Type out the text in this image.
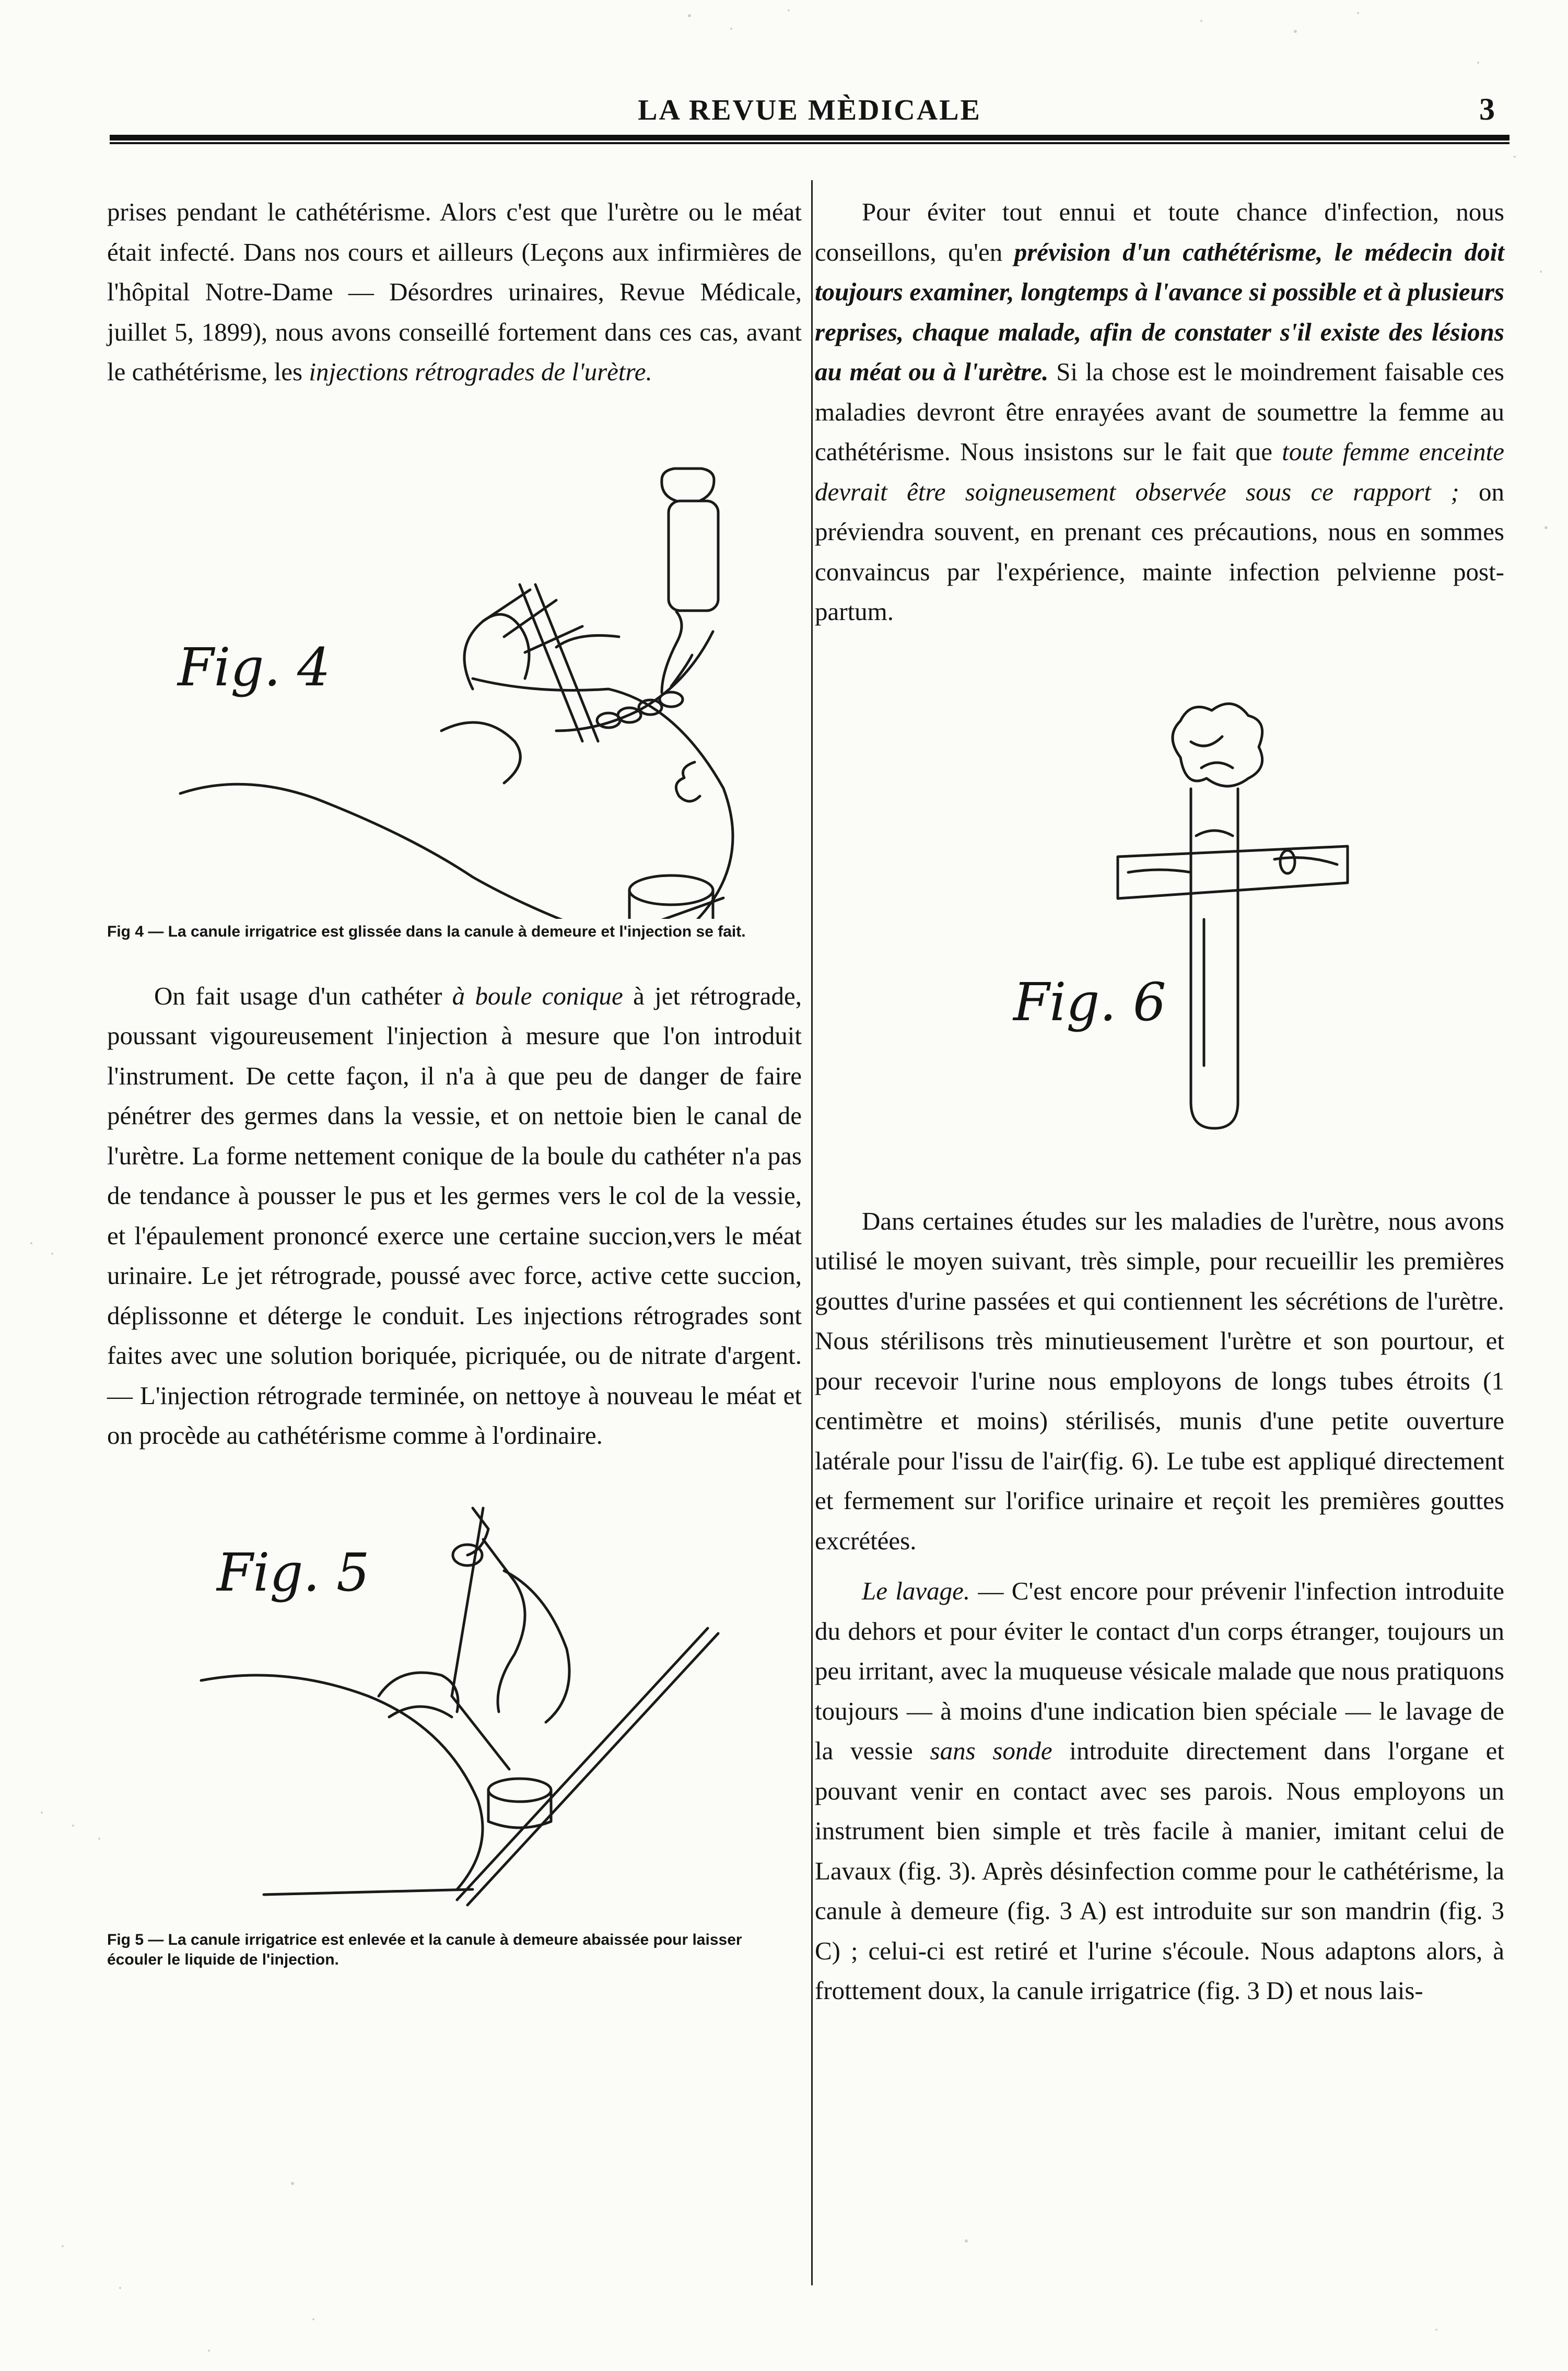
LA REVUE MÈDICALE	3

prises pendant le cathétérisme. Alors c'est que l'urètre ou le méat était infecté. Dans nos cours et ailleurs (Leçons aux infirmières de l'hôpital Notre-Dame — Désordres urinaires, Revue Médicale, juillet 5, 1899), nous avons conseillé fortement dans ces cas, avant le cathétérisme, les injections rétrogrades de l'urètre.

Fig. 4

Fig 4 — La canule irrigatrice est glissée dans la canule à demeure et l'injection se fait.

On fait usage d'un cathéter à boule conique à jet rétrograde, poussant vigoureusement l'injection à mesure que l'on introduit l'instrument. De cette façon, il n'a à que peu de danger de faire pénétrer des germes dans la vessie, et on nettoie bien le canal de l'urètre. La forme nettement conique de la boule du cathéter n'a pas de tendance à pousser le pus et les germes vers le col de la vessie, et l'épaulement prononcé exerce une certaine succion,vers le méat urinaire. Le jet rétrograde, poussé avec force, active cette succion, déplissonne et déterge le conduit. Les injections rétrogrades sont faites avec une solution boriquée, picriquée, ou de nitrate d'argent. — L'injection rétrograde terminée, on nettoye à nouveau le méat et on procède au cathétérisme comme à l'ordinaire.

Fig. 5

Fig 5 — La canule irrigatrice est enlevée et la canule à demeure abaissée pour laisser écouler le liquide de l'injection.

Pour éviter tout ennui et toute chance d'infection, nous conseillons, qu'en prévision d'un cathétérisme, le médecin doit toujours examiner, longtemps à l'avance si possible et à plusieurs reprises, chaque malade, afin de constater s'il existe des lésions au méat ou à l'urètre. Si la chose est le moindrement faisable ces maladies devront être enrayées avant de soumettre la femme au cathétérisme. Nous insistons sur le fait que toute femme enceinte devrait être soigneusement observée sous ce rapport ; on préviendra souvent, en prenant ces précautions, nous en sommes convaincus par l'expérience, mainte infection pelvienne post-partum.

Fig. 6

Dans certaines études sur les maladies de l'urètre, nous avons utilisé le moyen suivant, très simple, pour recueillir les premières gouttes d'urine passées et qui contiennent les sécrétions de l'urètre. Nous stérilisons très minutieusement l'urètre et son pourtour, et pour recevoir l'urine nous employons de longs tubes étroits (1 centimètre et moins) stérilisés, munis d'une petite ouverture latérale pour l'issu de l'air(fig. 6). Le tube est appliqué directement et fermement sur l'orifice urinaire et reçoit les premières gouttes excrétées.

Le lavage. — C'est encore pour prévenir l'infection introduite du dehors et pour éviter le contact d'un corps étranger, toujours un peu irritant, avec la muqueuse vésicale malade que nous pratiquons toujours — à moins d'une indication bien spéciale — le lavage de la vessie sans sonde introduite directement dans l'organe et pouvant venir en contact avec ses parois. Nous employons un instrument bien simple et très facile à manier, imitant celui de Lavaux (fig. 3). Après désinfection comme pour le cathétérisme, la canule à demeure (fig. 3 A) est introduite sur son mandrin (fig. 3 C) ; celui-ci est retiré et l'urine s'écoule. Nous adaptons alors, à frottement doux, la canule irrigatrice (fig. 3 D) et nous lais-
